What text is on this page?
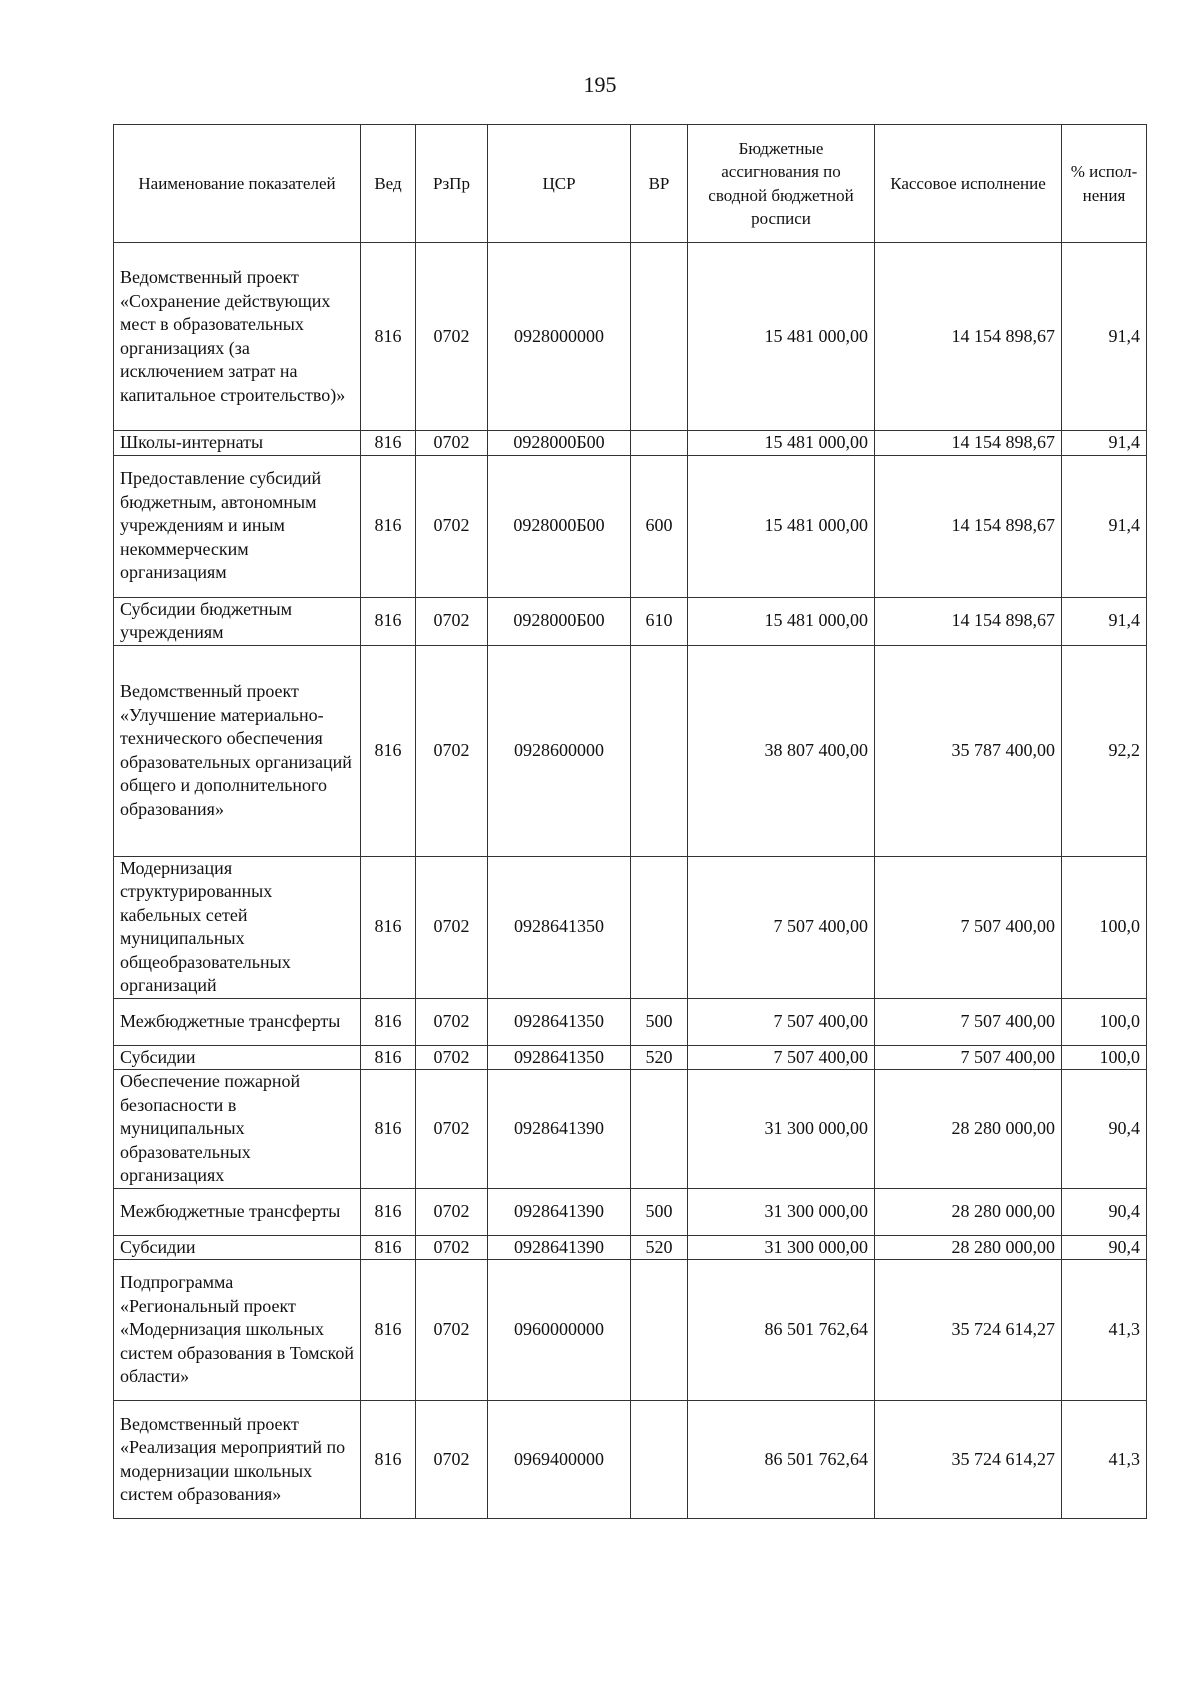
195
Наименование показателей	Вед	РзПр	ЦСР	ВР	Бюджетные ассигнования по сводной бюджетной росписи	Кассовое исполнение	% испол-нения
Ведомственный проект «Сохранение действующих мест в образовательных организациях (за исключением затрат на капитальное строительство)»	816	0702	0928000000		15 481 000,00	14 154 898,67	91,4
Школы-интернаты	816	0702	0928000Б00		15 481 000,00	14 154 898,67	91,4
Предоставление субсидий бюджетным, автономным учреждениям и иным некоммерческим организациям	816	0702	0928000Б00	600	15 481 000,00	14 154 898,67	91,4
Субсидии бюджетным учреждениям	816	0702	0928000Б00	610	15 481 000,00	14 154 898,67	91,4
Ведомственный проект «Улучшение материально-технического обеспечения образовательных организаций общего и дополнительного образования»	816	0702	0928600000		38 807 400,00	35 787 400,00	92,2
Модернизация структурированных кабельных сетей муниципальных общеобразовательных организаций	816	0702	0928641350		7 507 400,00	7 507 400,00	100,0
Межбюджетные трансферты	816	0702	0928641350	500	7 507 400,00	7 507 400,00	100,0
Субсидии	816	0702	0928641350	520	7 507 400,00	7 507 400,00	100,0
Обеспечение пожарной безопасности в муниципальных образовательных организациях	816	0702	0928641390		31 300 000,00	28 280 000,00	90,4
Межбюджетные трансферты	816	0702	0928641390	500	31 300 000,00	28 280 000,00	90,4
Субсидии	816	0702	0928641390	520	31 300 000,00	28 280 000,00	90,4
Подпрограмма «Региональный проект «Модернизация школьных систем образования в Томской области»	816	0702	0960000000		86 501 762,64	35 724 614,27	41,3
Ведомственный проект «Реализация мероприятий по модернизации школьных систем образования»	816	0702	0969400000		86 501 762,64	35 724 614,27	41,3
